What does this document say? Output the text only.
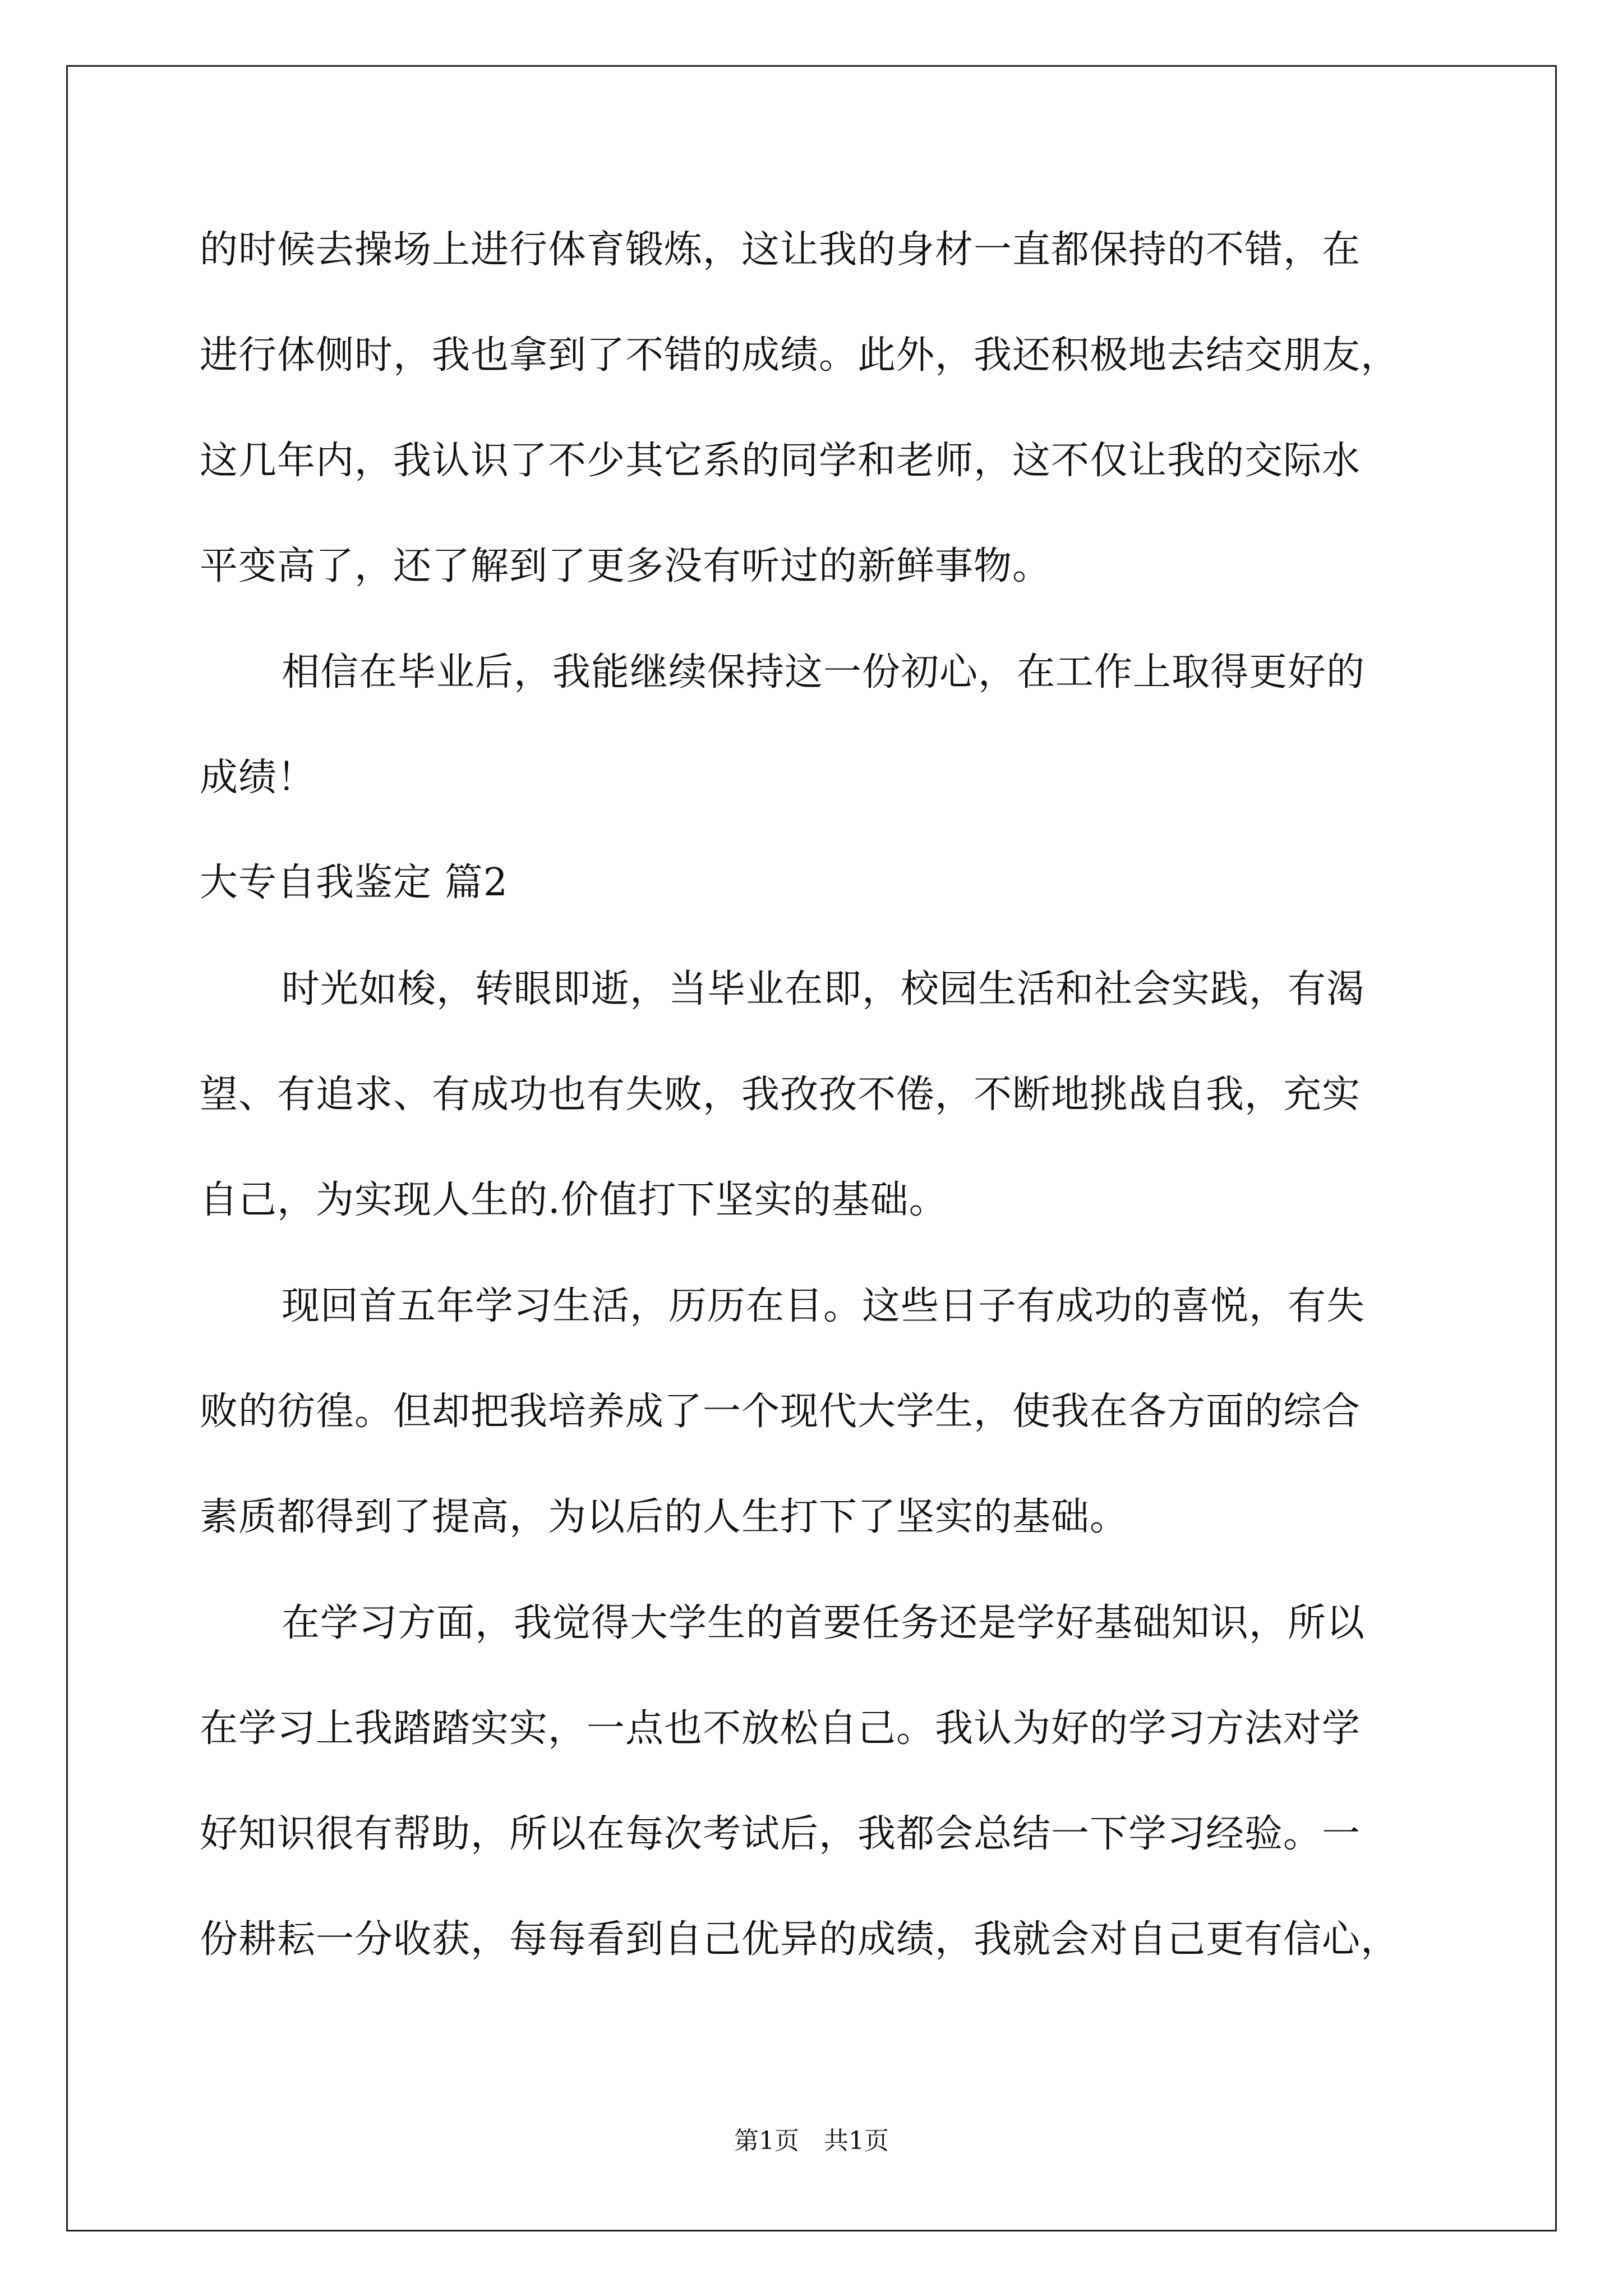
的时候去操场上进行体育锻炼，这让我的身材一直都保持的不错，在
进行体侧时，我也拿到了不错的成绩。此外，我还积极地去结交朋友，
这几年内，我认识了不少其它系的同学和老师，这不仅让我的交际水
平变高了，还了解到了更多没有听过的新鲜事物。
相信在毕业后，我能继续保持这一份初心，在工作上取得更好的
成绩！
大专自我鉴定 篇2
时光如梭，转眼即逝，当毕业在即，校园生活和社会实践，有渴
望、有追求、有成功也有失败，我孜孜不倦，不断地挑战自我，充实
自己，为实现人生的.价值打下坚实的基础。
现回首五年学习生活，历历在目。这些日子有成功的喜悦，有失
败的彷徨。但却把我培养成了一个现代大学生，使我在各方面的综合
素质都得到了提高，为以后的人生打下了坚实的基础。
在学习方面，我觉得大学生的首要任务还是学好基础知识，所以
在学习上我踏踏实实，一点也不放松自己。我认为好的学习方法对学
好知识很有帮助，所以在每次考试后，我都会总结一下学习经验。一
份耕耘一分收获，每每看到自己优异的成绩，我就会对自己更有信心，
第1页　共1页
